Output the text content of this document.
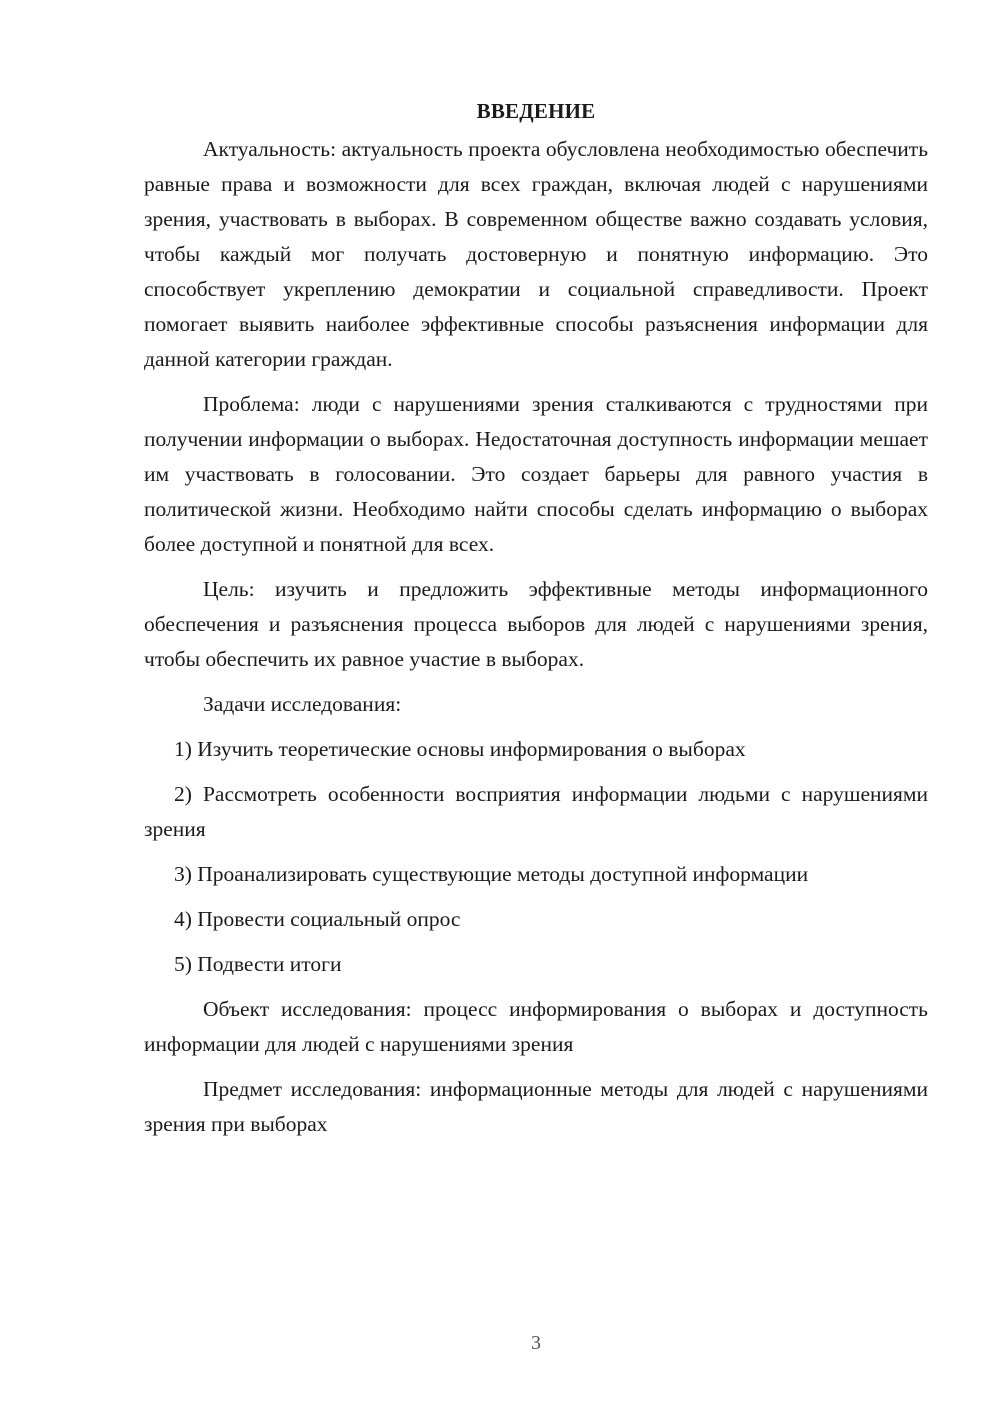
ВВЕДЕНИЕ

Актуальность: актуальность проекта обусловлена необходимостью обеспечить равные права и возможности для всех граждан, включая людей с нарушениями зрения, участвовать в выборах. В современном обществе важно создавать условия, чтобы каждый мог получать достоверную и понятную информацию. Это способствует укреплению демократии и социальной справедливости. Проект помогает выявить наиболее эффективные способы разъяснения информации для данной категории граждан.

Проблема: люди с нарушениями зрения сталкиваются с трудностями при получении информации о выборах. Недостаточная доступность информации мешает им участвовать в голосовании. Это создает барьеры для равного участия в политической жизни. Необходимо найти способы сделать информацию о выборах более доступной и понятной для всех.

Цель: изучить и предложить эффективные методы информационного обеспечения и разъяснения процесса выборов для людей с нарушениями зрения, чтобы обеспечить их равное участие в выборах.

Задачи исследования:

1) Изучить теоретические основы информирования о выборах

2) Рассмотреть особенности восприятия информации людьми с нарушениями зрения

3) Проанализировать существующие методы доступной информации

4) Провести социальный опрос

5) Подвести итоги

Объект исследования: процесс информирования о выборах и доступность информации для людей с нарушениями зрения

Предмет исследования: информационные методы для людей с нарушениями зрения при выборах

3
